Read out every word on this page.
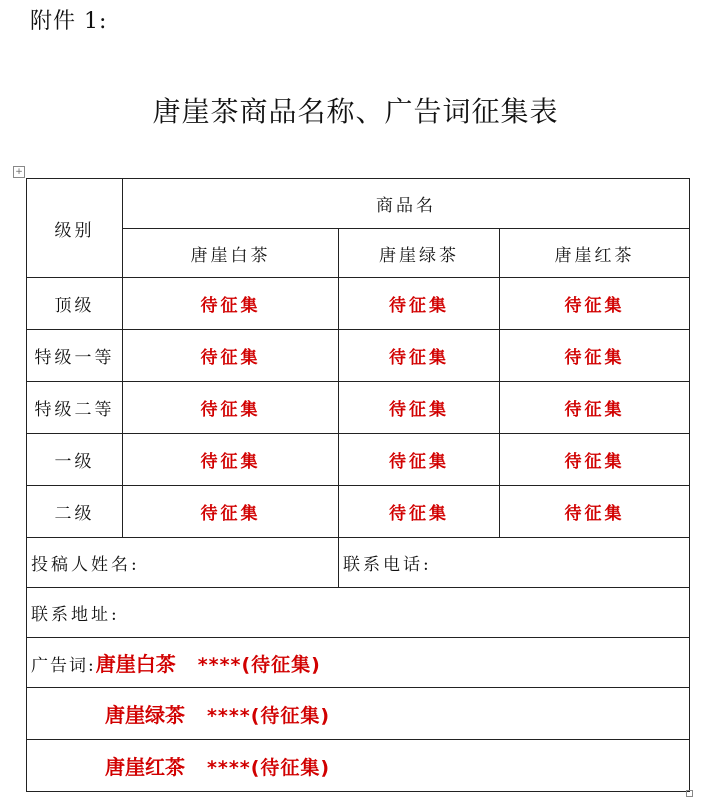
附件 1:
唐崖茶商品名称、广告词征集表
+
级别	商品名		
	唐崖白茶	唐崖绿茶	唐崖红茶
顶级	待征集	待征集	待征集
特级一等	待征集	待征集	待征集
特级二等	待征集	待征集	待征集
一级	待征集	待征集	待征集
二级	待征集	待征集	待征集
投稿人姓名:		联系电话:	
联系地址:			
广告词:唐崖白茶 ****(待征集)			
唐崖绿茶 ****(待征集)			
唐崖红茶 ****(待征集)			
